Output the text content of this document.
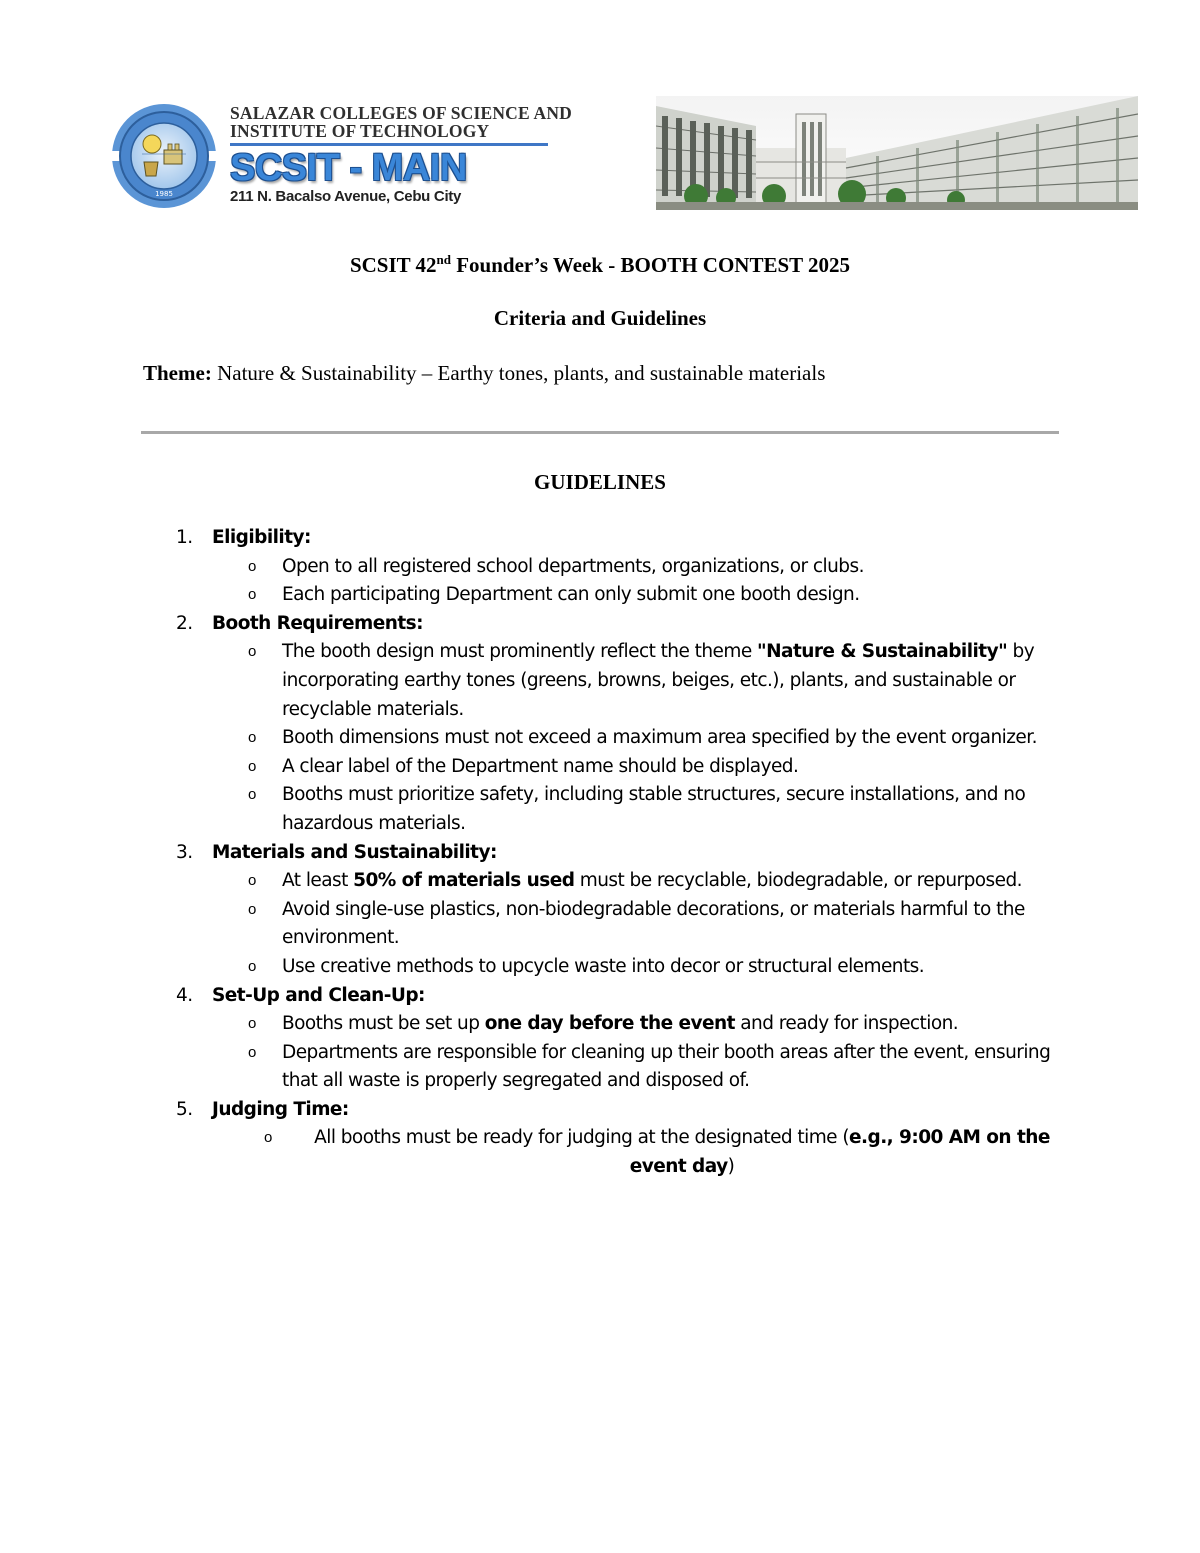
1985
SALAZAR COLLEGES OF SCIENCE AND
INSTITUTE OF TECHNOLOGY
SCSIT - MAIN
211 N. Bacalso Avenue, Cebu City
SCSIT 42nd Founder’s Week - BOOTH CONTEST 2025
Criteria and Guidelines
Theme: Nature & Sustainability – Earthy tones, plants, and sustainable materials
GUIDELINES
1. Eligibility:
o Open to all registered school departments, organizations, or clubs.
o Each participating Department can only submit one booth design.
2. Booth Requirements:
o The booth design must prominently reflect the theme "Nature & Sustainability" by incorporating earthy tones (greens, browns, beiges, etc.), plants, and sustainable or recyclable materials.
o Booth dimensions must not exceed a maximum area specified by the event organizer.
o A clear label of the Department name should be displayed.
o Booths must prioritize safety, including stable structures, secure installations, and no hazardous materials.
3. Materials and Sustainability:
o At least 50% of materials used must be recyclable, biodegradable, or repurposed.
o Avoid single-use plastics, non-biodegradable decorations, or materials harmful to the environment.
o Use creative methods to upcycle waste into decor or structural elements.
4. Set-Up and Clean-Up:
o Booths must be set up one day before the event and ready for inspection.
o Departments are responsible for cleaning up their booth areas after the event, ensuring that all waste is properly segregated and disposed of.
5. Judging Time:
o	All booths must be ready for judging at the designated time (e.g., 9:00 AM on the event day)
